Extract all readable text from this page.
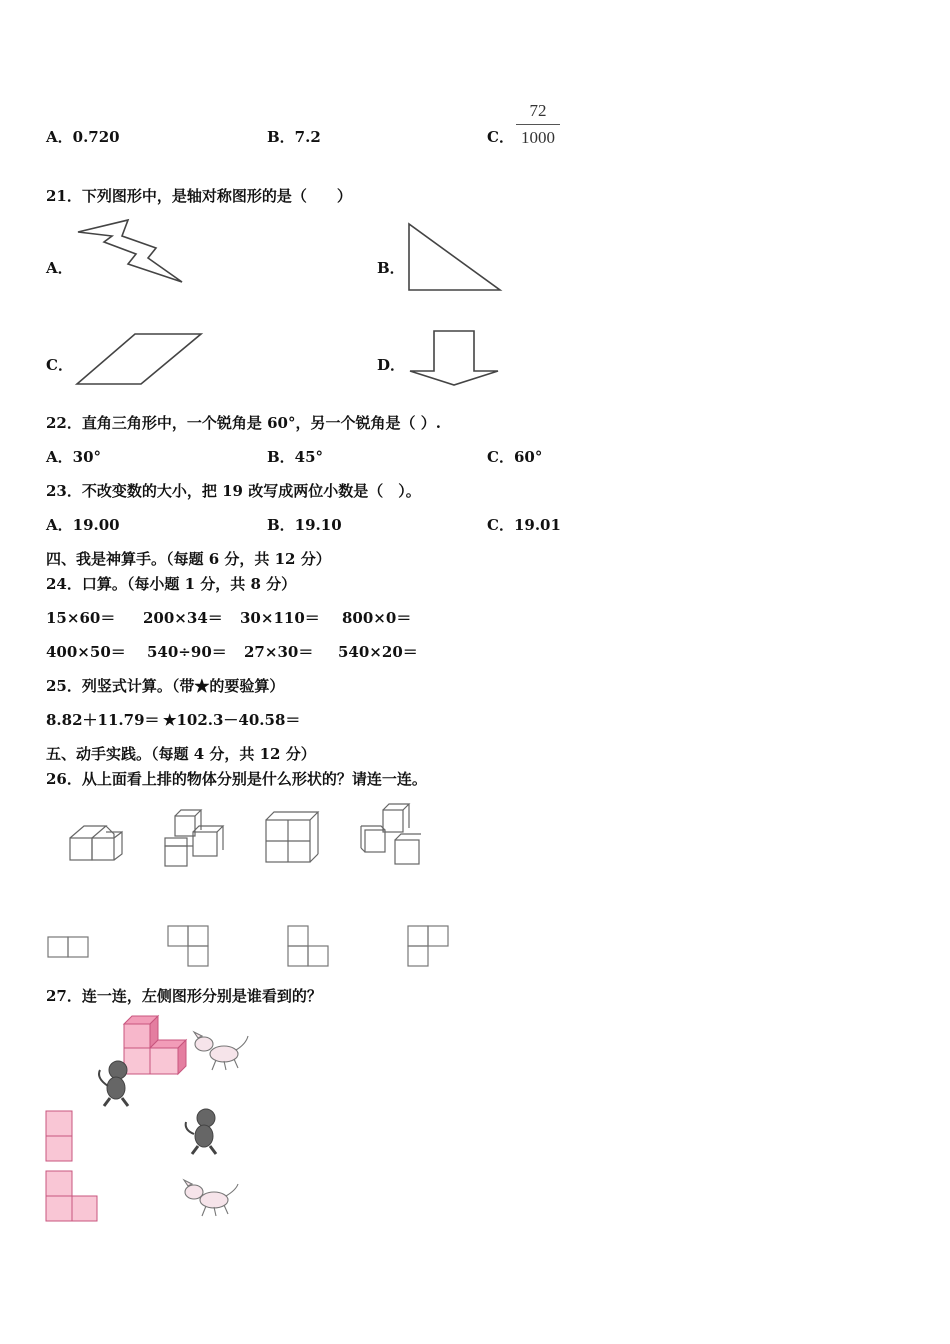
A．0.720	B．7.2	C．
72
1000
21．下列图形中，是轴对称图形的是（　　）
A．	B．
C．	D．
22．直角三角形中，一个锐角是 60°，另一个锐角是（ ）.
A．30°	B．45°	C．60°
23．不改变数的大小，把 19 改写成两位小数是（　）。
A．19.00	B．19.10	C．19.01
四、我是神算手。（每题 6 分，共 12 分）
24．口算。（每小题 1 分，共 8 分）
15×60＝ 200×34＝ 30×110＝ 800×0＝
400×50＝ 540÷90＝ 27×30＝ 540×20＝
25．列竖式计算。（带★的要验算）
8.82＋11.79＝ ★102.3－40.58＝
五、动手实践。（每题 4 分，共 12 分）
26．从上面看上排的物体分别是什么形状的？请连一连。
27．连一连，左侧图形分别是谁看到的？
